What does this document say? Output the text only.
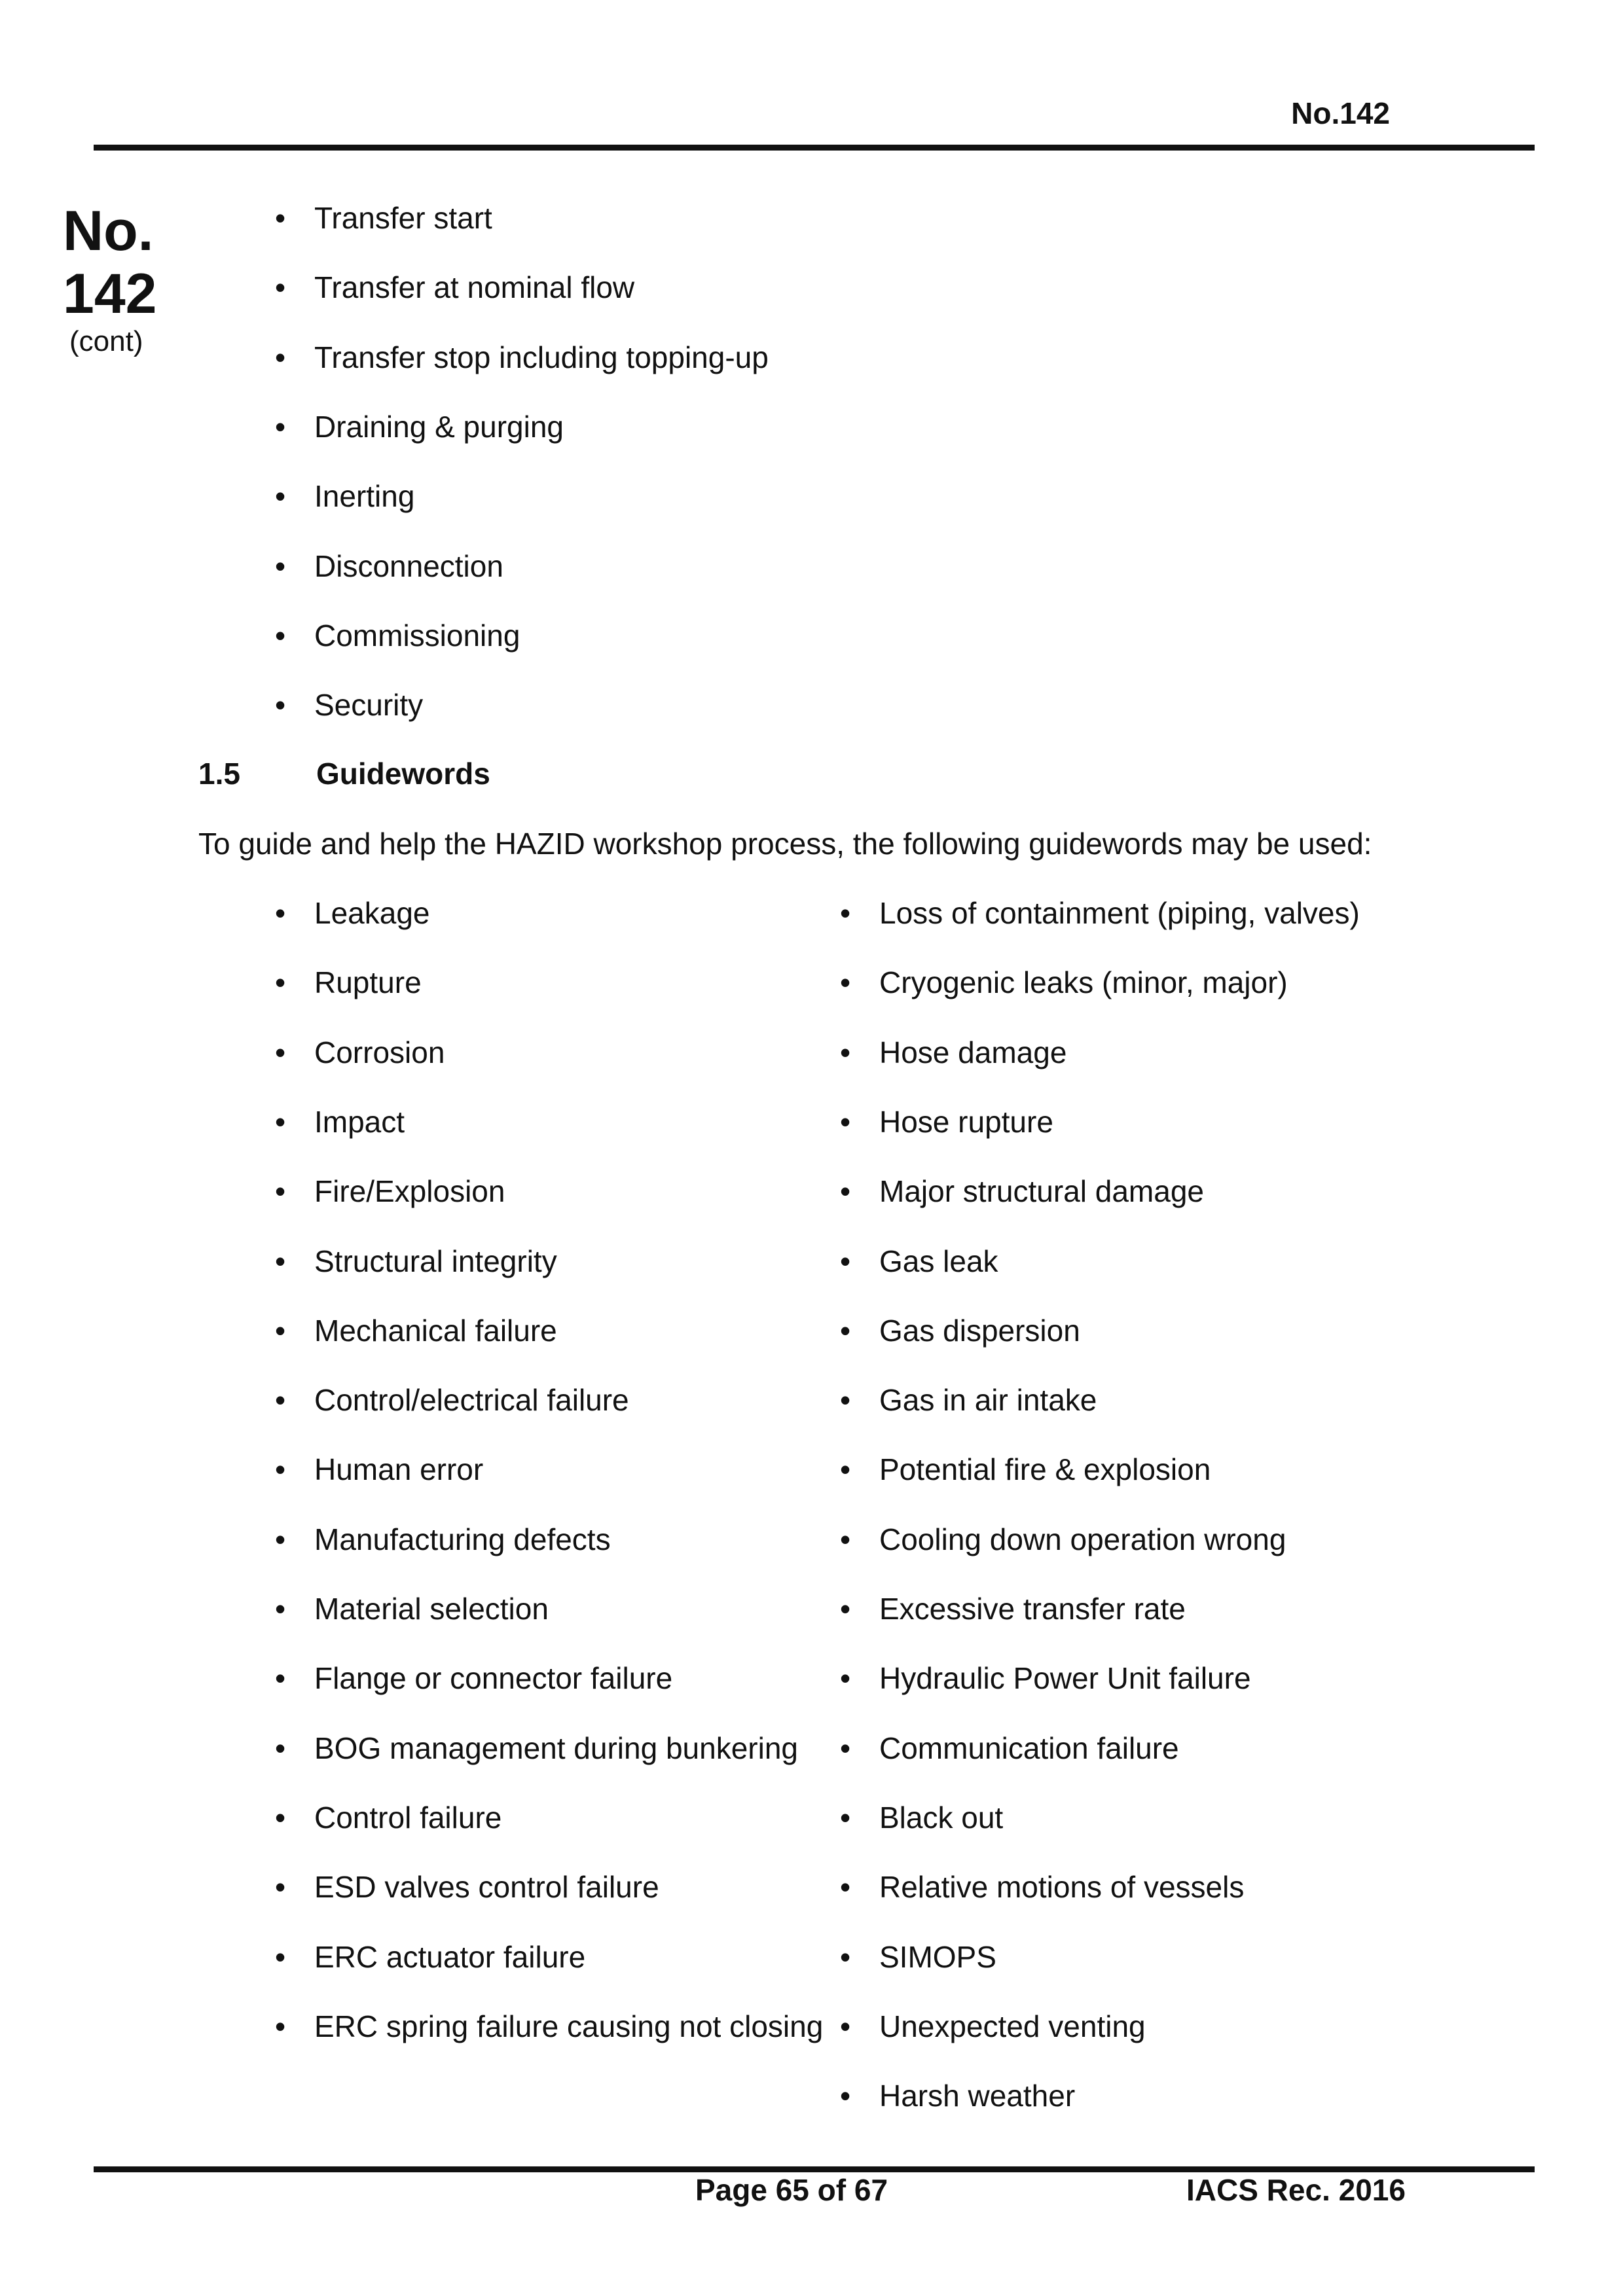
No.142
No.
142
(cont)
• Transfer start
• Transfer at nominal flow
• Transfer stop including topping-up
• Draining & purging
• Inerting
• Disconnection
• Commissioning
• Security
1.5	Guidewords
To guide and help the HAZID workshop process, the following guidewords may be used:
• Leakage
• Rupture
• Corrosion
• Impact
• Fire/Explosion
• Structural integrity
• Mechanical failure
• Control/electrical failure
• Human error
• Manufacturing defects
• Material selection
• Flange or connector failure
• BOG management during bunkering
• Control failure
• ESD valves control failure
• ERC actuator failure
• ERC spring failure causing not closing
• Loss of containment (piping, valves)
• Cryogenic leaks (minor, major)
• Hose damage
• Hose rupture
• Major structural damage
• Gas leak
• Gas dispersion
• Gas in air intake
• Potential fire & explosion
• Cooling down operation wrong
• Excessive transfer rate
• Hydraulic Power Unit failure
• Communication failure
• Black out
• Relative motions of vessels
• SIMOPS
• Unexpected venting
• Harsh weather
Page 65 of 67	IACS Rec. 2016
